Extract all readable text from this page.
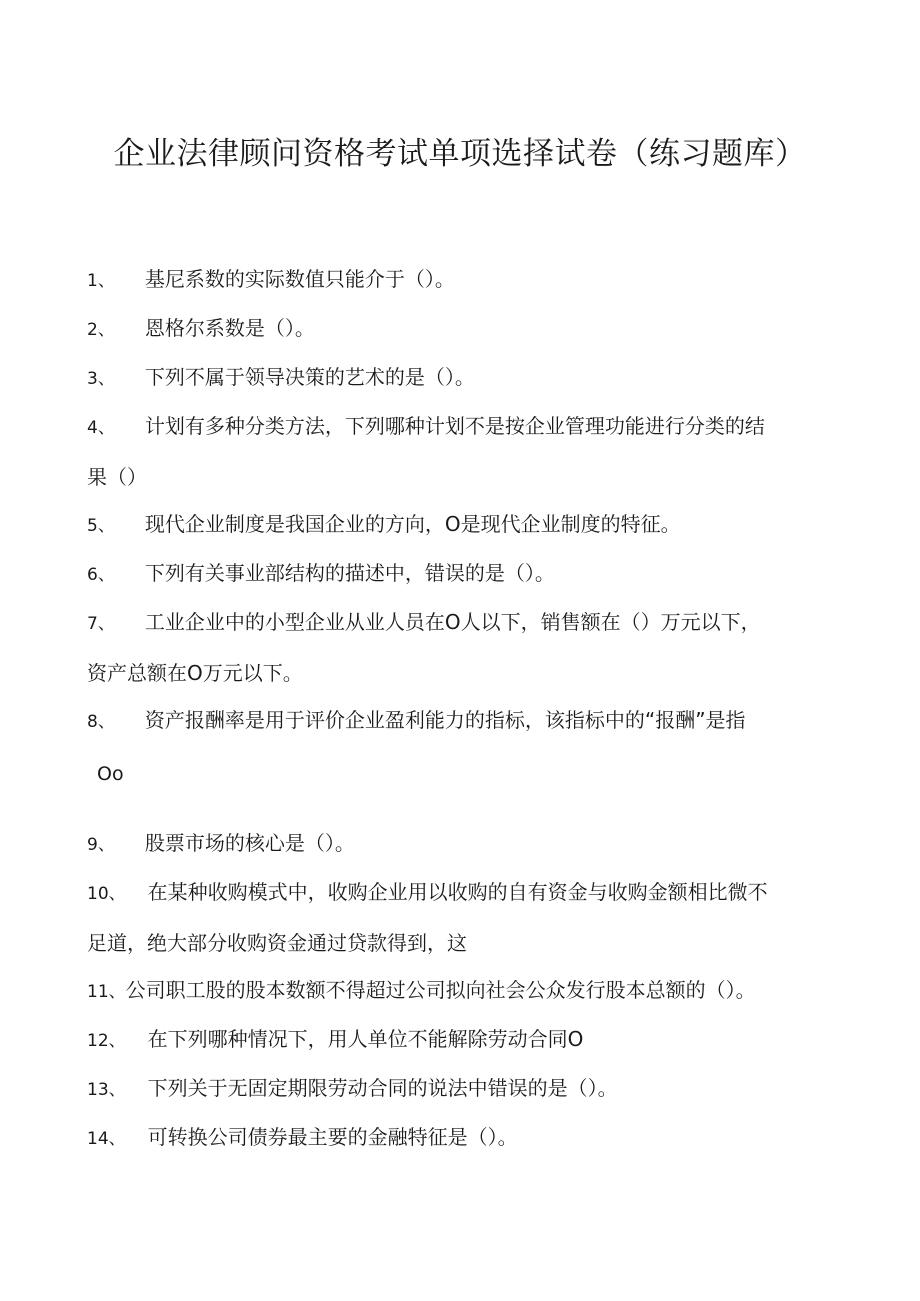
企业法律顾问资格考试单项选择试卷（练习题库）
1、 基尼系数的实际数值只能介于（）。
2、 恩格尔系数是（）。
3、 下列不属于领导决策的艺术的是（）。
4、 计划有多种分类方法，下列哪种计划不是按企业管理功能进行分类的结
果（）
5、 现代企业制度是我国企业的方向，O是现代企业制度的特征。
6、 下列有关事业部结构的描述中，错误的是（）。
7、 工业企业中的小型企业从业人员在O人以下，销售额在（）万元以下，
资产总额在O万元以下。
8、 资产报酬率是用于评价企业盈利能力的指标，该指标中的“报酬”是指
Oo
9、 股票市场的核心是（）。
10、 在某种收购模式中，收购企业用以收购的自有资金与收购金额相比微不
足道，绝大部分收购资金通过贷款得到，这
11、公司职工股的股本数额不得超过公司拟向社会公众发行股本总额的（）。
12、 在下列哪种情况下，用人单位不能解除劳动合同O
13、 下列关于无固定期限劳动合同的说法中错误的是（）。
14、 可转换公司债券最主要的金融特征是（）。
